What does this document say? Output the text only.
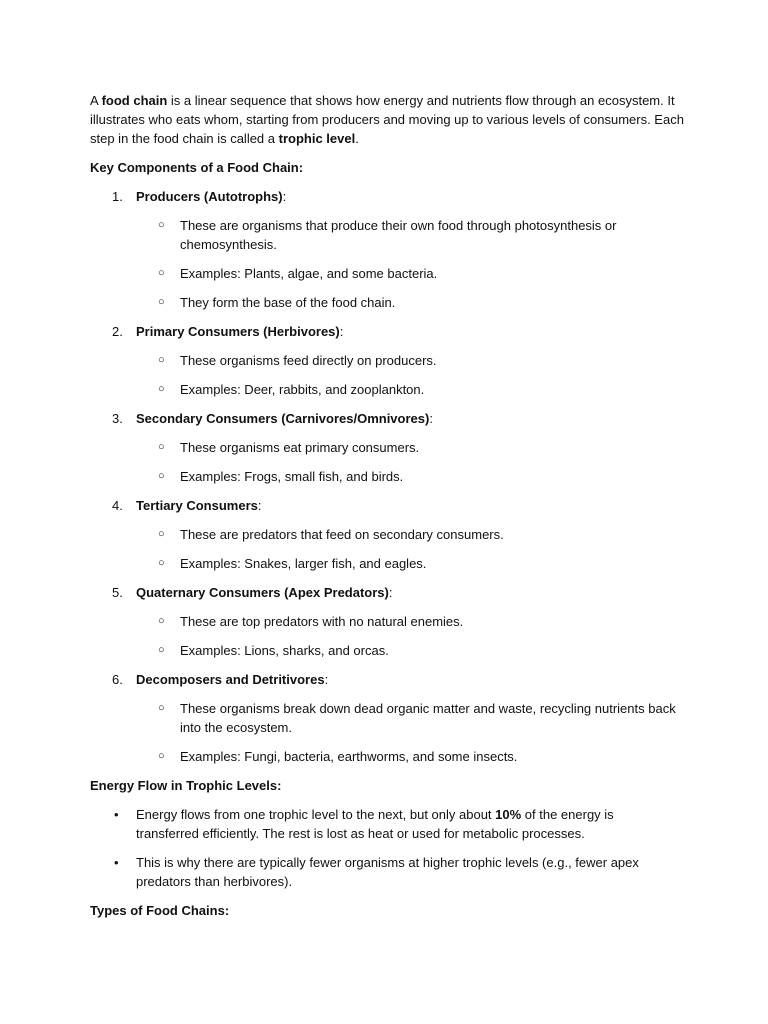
A food chain is a linear sequence that shows how energy and nutrients flow through an ecosystem. It illustrates who eats whom, starting from producers and moving up to various levels of consumers. Each step in the food chain is called a trophic level.

Key Components of a Food Chain:

1. Producers (Autotrophs):
○ These are organisms that produce their own food through photosynthesis or chemosynthesis.
○ Examples: Plants, algae, and some bacteria.
○ They form the base of the food chain.
2. Primary Consumers (Herbivores):
○ These organisms feed directly on producers.
○ Examples: Deer, rabbits, and zooplankton.
3. Secondary Consumers (Carnivores/Omnivores):
○ These organisms eat primary consumers.
○ Examples: Frogs, small fish, and birds.
4. Tertiary Consumers:
○ These are predators that feed on secondary consumers.
○ Examples: Snakes, larger fish, and eagles.
5. Quaternary Consumers (Apex Predators):
○ These are top predators with no natural enemies.
○ Examples: Lions, sharks, and orcas.
6. Decomposers and Detritivores:
○ These organisms break down dead organic matter and waste, recycling nutrients back into the ecosystem.
○ Examples: Fungi, bacteria, earthworms, and some insects.

Energy Flow in Trophic Levels:

• Energy flows from one trophic level to the next, but only about 10% of the energy is transferred efficiently. The rest is lost as heat or used for metabolic processes.
• This is why there are typically fewer organisms at higher trophic levels (e.g., fewer apex predators than herbivores).

Types of Food Chains:
